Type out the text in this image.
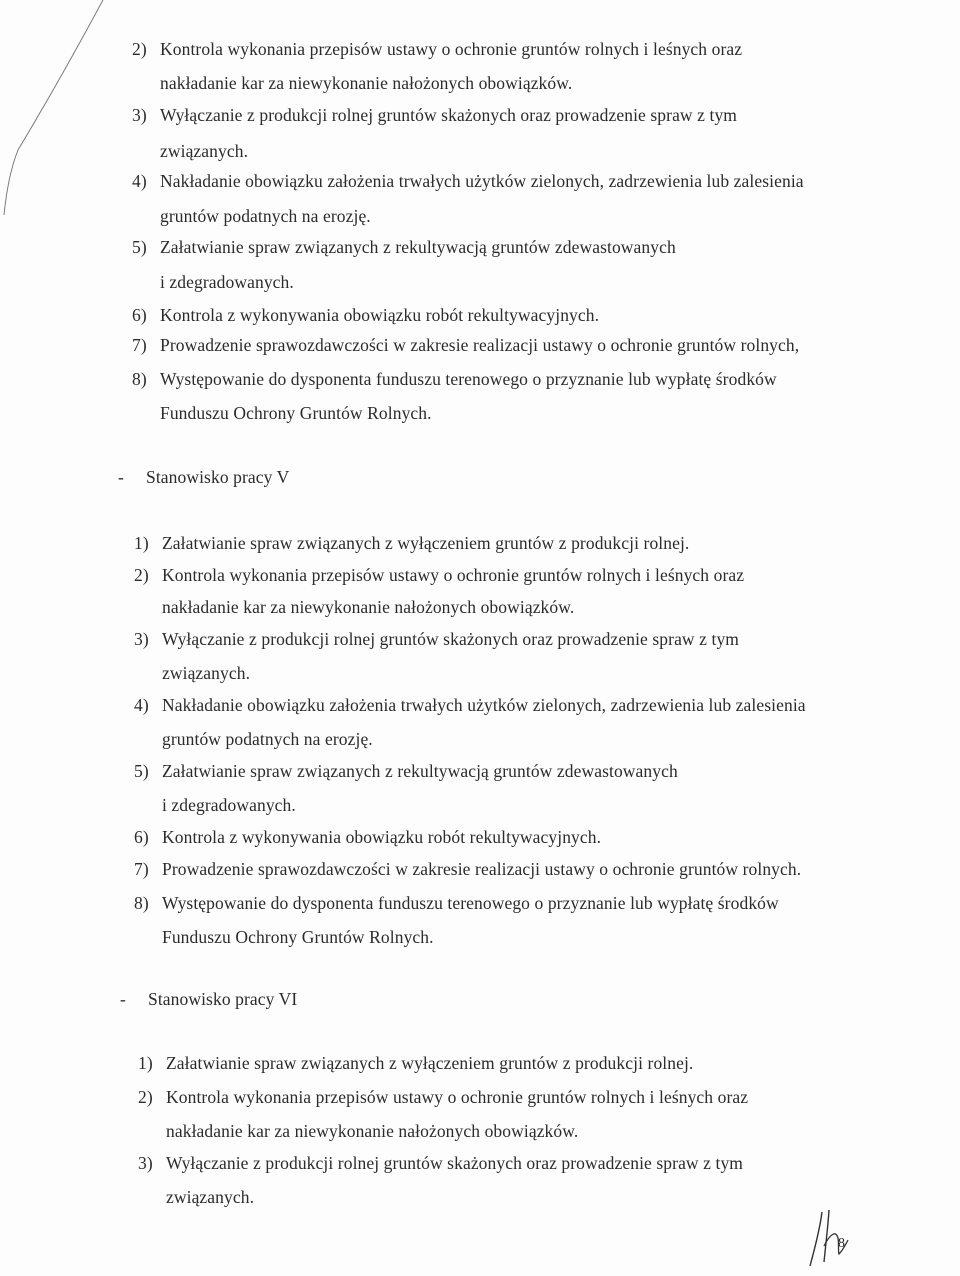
2) Kontrola wykonania przepisów ustawy o ochronie gruntów rolnych i leśnych oraz
nakładanie kar za niewykonanie nałożonych obowiązków.
3) Wyłączanie z produkcji rolnej gruntów skażonych oraz prowadzenie spraw z tym
związanych.
4) Nakładanie obowiązku założenia trwałych użytków zielonych, zadrzewienia lub zalesienia
gruntów podatnych na erozję.
5) Załatwianie spraw związanych z rekultywacją gruntów zdewastowanych
i zdegradowanych.
6) Kontrola z wykonywania obowiązku robót rekultywacyjnych.
7) Prowadzenie sprawozdawczości w zakresie realizacji ustawy o ochronie gruntów rolnych,
8) Występowanie do dysponenta funduszu terenowego o przyznanie lub wypłatę środków
Funduszu Ochrony Gruntów Rolnych.
- Stanowisko pracy V
1) Załatwianie spraw związanych z wyłączeniem gruntów z produkcji rolnej.
2) Kontrola wykonania przepisów ustawy o ochronie gruntów rolnych i leśnych oraz
nakładanie kar za niewykonanie nałożonych obowiązków.
3) Wyłączanie z produkcji rolnej gruntów skażonych oraz prowadzenie spraw z tym
związanych.
4) Nakładanie obowiązku założenia trwałych użytków zielonych, zadrzewienia lub zalesienia
gruntów podatnych na erozję.
5) Załatwianie spraw związanych z rekultywacją gruntów zdewastowanych
i zdegradowanych.
6) Kontrola z wykonywania obowiązku robót rekultywacyjnych.
7) Prowadzenie sprawozdawczości w zakresie realizacji ustawy o ochronie gruntów rolnych.
8) Występowanie do dysponenta funduszu terenowego o przyznanie lub wypłatę środków
Funduszu Ochrony Gruntów Rolnych.
- Stanowisko pracy VI
1) Załatwianie spraw związanych z wyłączeniem gruntów z produkcji rolnej.
2) Kontrola wykonania przepisów ustawy o ochronie gruntów rolnych i leśnych oraz
nakładanie kar za niewykonanie nałożonych obowiązków.
3) Wyłączanie z produkcji rolnej gruntów skażonych oraz prowadzenie spraw z tym
związanych.
8
